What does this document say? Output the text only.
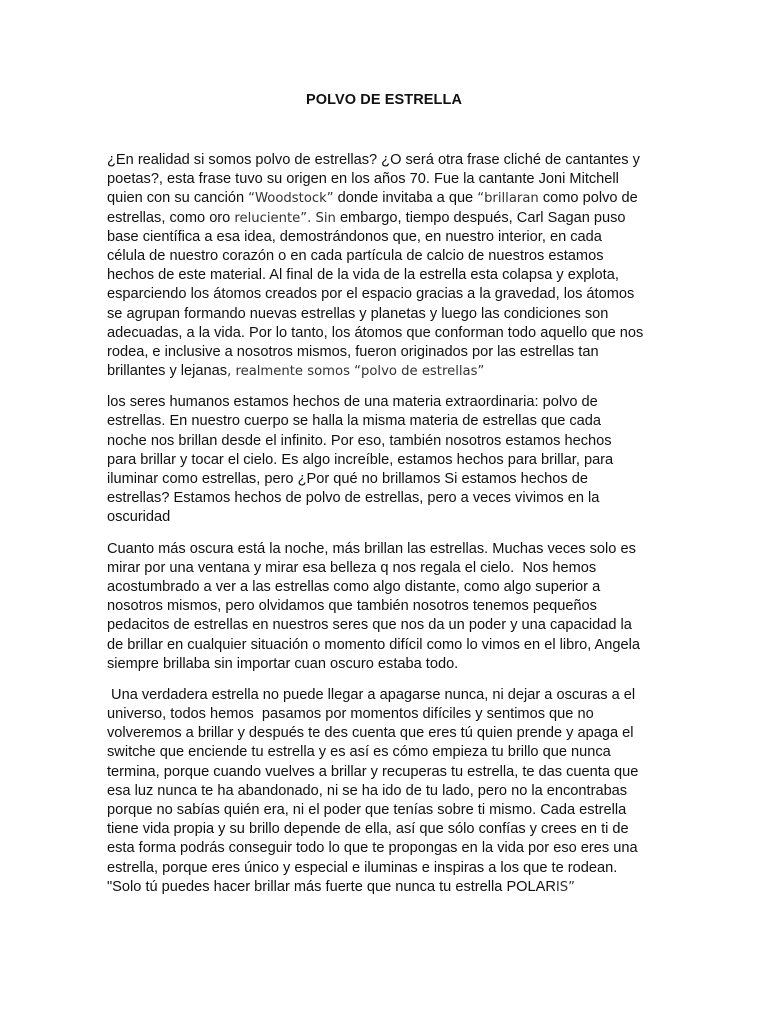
POLVO DE ESTRELLA
¿En realidad si somos polvo de estrellas? ¿O será otra frase cliché de cantantes y
poetas?, esta frase tuvo su origen en los años 70. Fue la cantante Joni Mitchell
quien con su canción “Woodstock” donde invitaba a que “brillaran como polvo de
estrellas, como oro reluciente”. Sin embargo, tiempo después, Carl Sagan puso
base científica a esa idea, demostrándonos que, en nuestro interior, en cada
célula de nuestro corazón o en cada partícula de calcio de nuestros estamos
hechos de este material. Al final de la vida de la estrella esta colapsa y explota,
esparciendo los átomos creados por el espacio gracias a la gravedad, los átomos
se agrupan formando nuevas estrellas y planetas y luego las condiciones son
adecuadas, a la vida. Por lo tanto, los átomos que conforman todo aquello que nos
rodea, e inclusive a nosotros mismos, fueron originados por las estrellas tan
brillantes y lejanas, realmente somos “polvo de estrellas”
los seres humanos estamos hechos de una materia extraordinaria: polvo de
estrellas. En nuestro cuerpo se halla la misma materia de estrellas que cada
noche nos brillan desde el infinito. Por eso, también nosotros estamos hechos
para brillar y tocar el cielo. Es algo increíble, estamos hechos para brillar, para
iluminar como estrellas, pero ¿Por qué no brillamos Si estamos hechos de
estrellas? Estamos hechos de polvo de estrellas, pero a veces vivimos en la
oscuridad
Cuanto más oscura está la noche, más brillan las estrellas. Muchas veces solo es
mirar por una ventana y mirar esa belleza q nos regala el cielo.  Nos hemos
acostumbrado a ver a las estrellas como algo distante, como algo superior a
nosotros mismos, pero olvidamos que también nosotros tenemos pequeños
pedacitos de estrellas en nuestros seres que nos da un poder y una capacidad la
de brillar en cualquier situación o momento difícil como lo vimos en el libro, Angela
siempre brillaba sin importar cuan oscuro estaba todo.
Una verdadera estrella no puede llegar a apagarse nunca, ni dejar a oscuras a el
universo, todos hemos  pasamos por momentos difíciles y sentimos que no
volveremos a brillar y después te des cuenta que eres tú quien prende y apaga el
switche que enciende tu estrella y es así es cómo empieza tu brillo que nunca
termina, porque cuando vuelves a brillar y recuperas tu estrella, te das cuenta que
esa luz nunca te ha abandonado, ni se ha ido de tu lado, pero no la encontrabas
porque no sabías quién era, ni el poder que tenías sobre ti mismo. Cada estrella
tiene vida propia y su brillo depende de ella, así que sólo confías y crees en ti de
esta forma podrás conseguir todo lo que te propongas en la vida por eso eres una
estrella, porque eres único y especial e iluminas e inspiras a los que te rodean.
"Solo tú puedes hacer brillar más fuerte que nunca tu estrella POLARIS”
